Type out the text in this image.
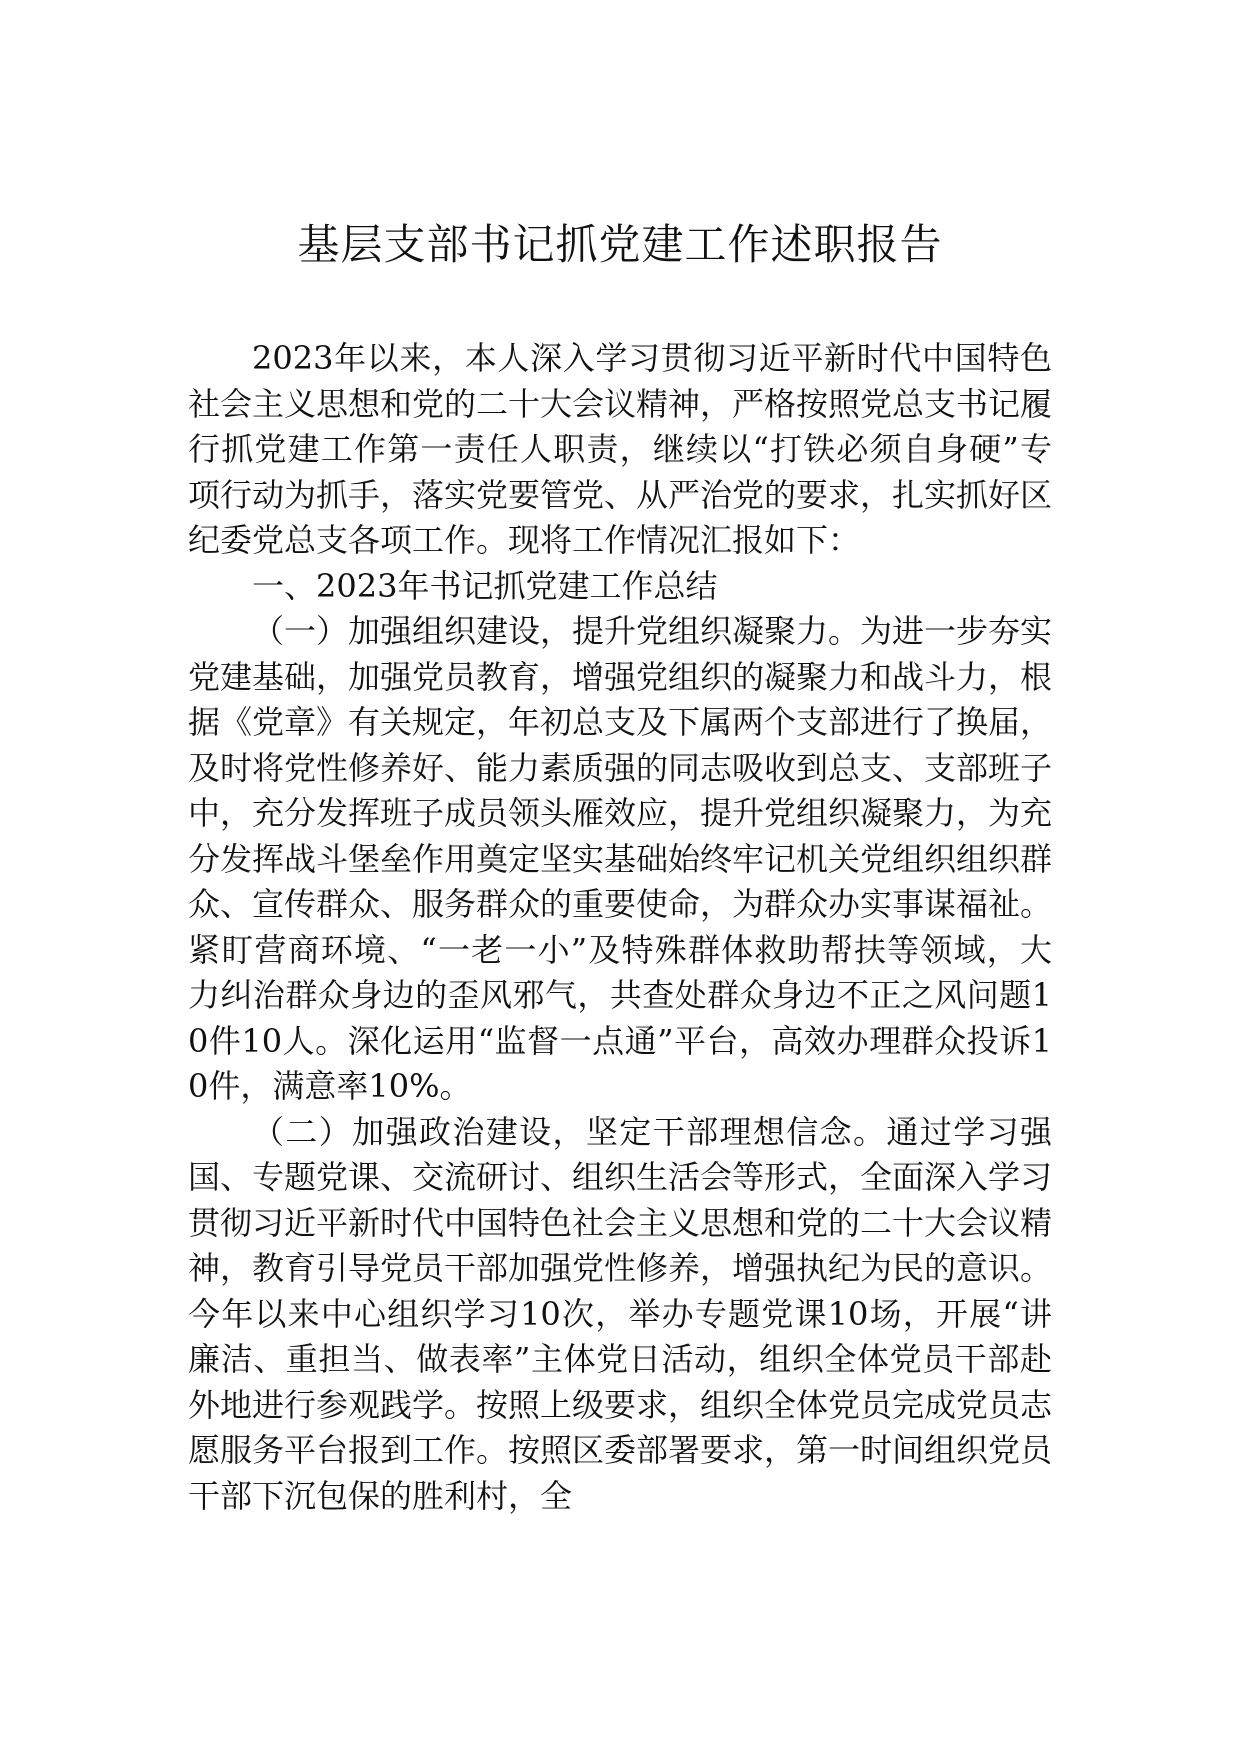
基层支部书记抓党建工作述职报告

2023年以来，本人深入学习贯彻习近平新时代中国特色社会主义思想和党的二十大会议精神，严格按照党总支书记履行抓党建工作第一责任人职责，继续以“打铁必须自身硬”专项行动为抓手，落实党要管党、从严治党的要求，扎实抓好区纪委党总支各项工作。现将工作情况汇报如下：

一、2023年书记抓党建工作总结

（一）加强组织建设，提升党组织凝聚力。为进一步夯实党建基础，加强党员教育，增强党组织的凝聚力和战斗力，根据《党章》有关规定，年初总支及下属两个支部进行了换届，及时将党性修养好、能力素质强的同志吸收到总支、支部班子中，充分发挥班子成员领头雁效应，提升党组织凝聚力，为充分发挥战斗堡垒作用奠定坚实基础始终牢记机关党组织组织群众、宣传群众、服务群众的重要使命，为群众办实事谋福祉。紧盯营商环境、“一老一小”及特殊群体救助帮扶等领域，大力纠治群众身边的歪风邪气，共查处群众身边不正之风问题10件10人。深化运用“监督一点通”平台，高效办理群众投诉10件，满意率10%。

（二）加强政治建设，坚定干部理想信念。通过学习强国、专题党课、交流研讨、组织生活会等形式，全面深入学习贯彻习近平新时代中国特色社会主义思想和党的二十大会议精神，教育引导党员干部加强党性修养，增强执纪为民的意识。今年以来中心组织学习10次，举办专题党课10场，开展“讲廉洁、重担当、做表率”主体党日活动，组织全体党员干部赴外地进行参观践学。按照上级要求，组织全体党员完成党员志愿服务平台报到工作。按照区委部署要求，第一时间组织党员干部下沉包保的胜利村，全
